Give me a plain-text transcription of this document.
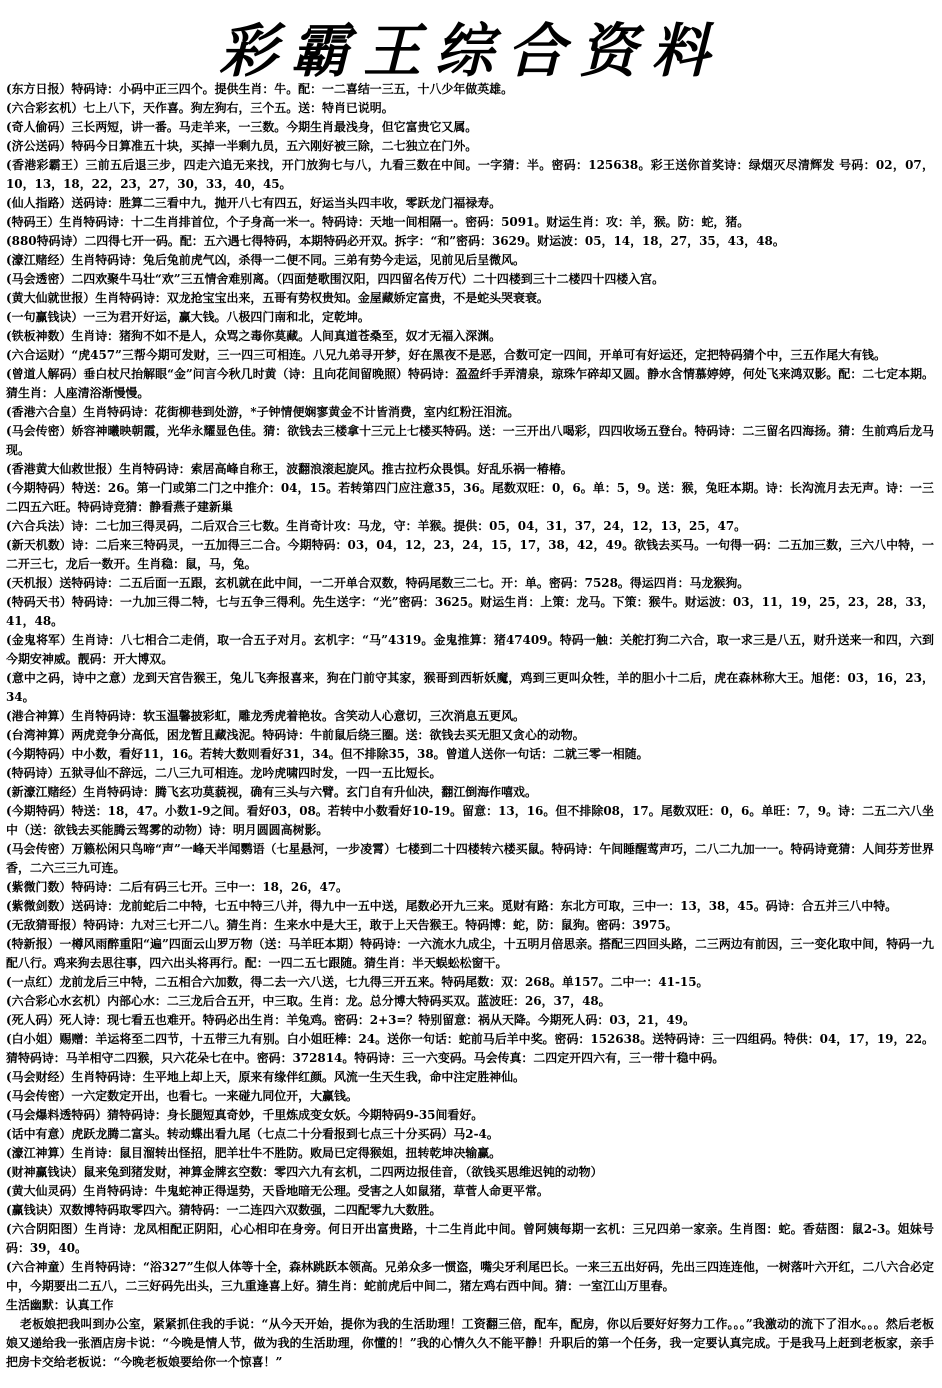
彩霸王综合资料

(东方日报）特码诗：小码中正三四个。提供生肖：牛。配：一二喜结一三五，十八少年做英雄。

(六合彩玄机）七上八下，天作喜。狗左狗右，三个五。送：特肖已说明。

(奇人偷码）三长两短，讲一番。马走羊来，一三数。今期生肖最浅身，但它富贵它又属。

(济公送码）特码今日算准五十块，买掉一半剩九员，五六刚好被三除，二七独立在门外。

(香港彩霸王）三前五后退三步，四走六追无来找，开门放狗七与八，九看三数在中间。一字猜：半。密码：125638。彩王送你首奖诗：绿烟灭尽清辉发 号码：02，07，10，13，18，22，23，27，30，33，40，45。

(仙人指路）送码诗：胜算二三看中九，抛开八七有四五，好运当头四丰收，零跃龙门福禄寿。

(特码王）生肖特码诗：十二生肖排首位，个子身高一米一。特码诗：天地一间相隔一。密码：5091。财运生肖：攻：羊，猴。防：蛇，猪。

(880特码诗）二四得七开一码。配：五六遇七得特码，本期特码必开双。拆字：“和”密码：3629。财运波：05，14，18，27，35，43，48。

(濠江赌经）生肖特码诗：兔后兔前虎气凶，杀得一二便不同。三弟有势今走运，见前见后呈微风。

(马会透密）二四欢聚牛马壮“欢”三五情舍难别离。（四面楚歌围汉阳，四四留名传万代）二十四楼到三十二楼四十四楼入宫。

(黄大仙就世报）生肖特码诗：双龙抢宝宝出来，五哥有势权贵知。金屋藏娇定富贵，不是蛇头哭衰衰。

(一句赢钱诀）一三为君开好运，赢大钱。八极四门南和北，定乾坤。

(铁板神数）生肖诗：猪狗不如不是人，众骂之毒你莫藏。人间真道苍桑至，奴才无福入深渊。

(六合运财）“虎457”三帮今期可发财，三一四三可相连。八兄九弟寻开梦，好在黑夜不是恶，合数可定一四间，开单可有好运还，定把特码猜个中，三五作尾大有钱。

(曾道人解码）垂白杖尺抬解眼“金”问言今秋几时黄（诗：且向花间留晚照）特码诗：盈盈纤手弄清泉，琼珠乍碎却又圆。静水含情慕婷婷，何处飞来鸿双影。配：二七定本期。猜生肖：人座清浴渐慢慢。

(香港六合皇）生肖特码诗：花街柳巷到处游，*子钟情便娴寥黄金不计皆消费，室内红粉汪泪流。

(马会传密）娇容神曦映朝霞，光华永耀显色佳。猜：欲钱去三楼拿十三元上七楼买特码。送：一三开出八喝彩，四四收场五登台。特码诗：二三留名四海扬。猜：生前鸡后龙马现。

(香港黄大仙救世报）生肖特码诗：索居高峰自称王，波翻浪滚起旋风。推古拉朽众畏惧。好乱乐祸一椿椿。

(今期特码）特送：26。第一门或第二门之中推介：04，15。若转第四门应注意35，36。尾数双旺：0，6。单：5，9。送：猴，兔旺本期。诗：长沟流月去无声。诗：一三二四五六旺。特码诗竞猜：静看燕子建新巢

(六合兵法）诗：二七加三得灵码，二后双合三七数。生肖奇计攻：马龙，守：羊猴。提供：05，04，31，37，24，12，13，25，47。

(新天机数）诗：二后来三特码灵，一五加得三二合。今期特码：03，04，12，23，24，15，17，38，42，49。欲钱去买马。一句得一码：二五加三数，三六八中特，一二开三七，龙后一数开。生肖稳：鼠，马，兔。

(天机报）送特码诗：二五后面一五跟，玄机就在此中间，一二开单合双数，特码尾数三二七。开：单。密码：7528。得运四肖：马龙猴狗。

(特码天书）特码诗：一九加三得二特，七与五争三得利。先生送字：“光”密码：3625。财运生肖：上策：龙马。下策：猴牛。财运波：03，11，19，25，23，28，33，41，48。

(金鬼将军）生肖诗：八七相合二走俏，取一合五子对月。玄机字：“马”4319。金鬼推算：猪47409。特码一触：关舵打狗二六合，取一求三是八五，财升送来一和四，六到今期安神威。靓码：开大博双。

(意中之码，诗中之意）龙到天宫告猴王，兔儿飞奔报喜来，狗在门前守其家，猴哥到西斩妖魔，鸡到三更叫众牲，羊的胆小十二后，虎在森林称大王。旭佬：03，16，23，34。

(港合神算）生肖特码诗：软玉温馨披彩虹，雕龙秀虎着艳妆。含笑动人心意切，三次消息五更风。

(台湾神算）两虎竞争分高低，困龙暂且藏浅泥。特码诗：牛前鼠后绕三圈。送：欲钱去买无胆又贪心的动物。

(今期特码）中小数，看好11，16。若转大数则看好31，34。但不排除35，38。曾道人送你一句话：二就三零一相随。

(特码诗）五狱寻仙不辞远，二八三九可相连。龙吟虎啸四时发，一四一五比短长。

(新濠江赌经）生肖特码诗：腾飞玄功莫藐视，确有三头与六臂。玄门自有升仙决，翻江倒海作嘻戏。

(今期特码）特送：18，47。小数1-9之间。看好03，08。若转中小数看好10-19。留意：13，16。但不排除08，17。尾数双旺：0，6。单旺：7，9。诗：二五二六八坐中（送：欲钱去买能腾云驾雾的动物）诗：明月圆圆高树影。

(马会传密）万籁松闲只鸟啼“声”一峰天半闻鹦语（七星悬河，一步凌霄）七楼到二十四楼转六楼买鼠。特码诗：午间睡醒莺声巧，二八二九加一一。特码诗竟猜：人间芬芳世界香，二六三三九可连。

(紫微门数）特码诗：二后有码三七开。三中一：18，26，47。

(紫微剑数）送码诗：龙前蛇后二中特，七五中特三八并，得九中一五中送，尾数必开九三来。觅财有路：东北方可取，三中一：13，38，45。码诗：合五并三八中特。

(无敌猜哥报）特码诗：九对三七开二八。猜生肖：生来水中是大王，敢于上天告猴王。特码博：蛇，防：鼠狗。密码：3975。

(特新报）一樽风雨醉重阳“遍”四面云山罗万物（送：马羊旺本期）特码诗：一六流水九成尘，十五明月倍思亲。搭配三四回头路，二三两边有前因，三一变化取中间，特码一九配八行。鸡来狗去思往事，四六出头将再行。配：一四二五七跟随。猜生肖：半天蜈蚣松窗干。

(一点红）龙前龙后三中特，二五相合六加数，得二去一六八送，七九得三开五来。特码尾数：双：268。单157。二中一：41-15。

(六合彩心水玄机）内部心水：二三龙后合五开，中三取。生肖：龙。总分博大特码买双。蓝波旺：26，37，48。

(死人码）死人诗：现七看五也难开。特码必出生肖：羊兔鸡。密码：2+3=？特别留意：祸从天降。今期死人码：03，21，49。

(白小姐）赐赠：羊运将至二四节，十五带三九有别。白小姐旺棒：24。送你一句话：蛇前马后羊中奖。密码：152638。送特码诗：三一四组码。特供：04，17，19，22。猜特码诗：马羊相守二四猴，只六花朵七在中。密码：372814。特码诗：三一六变码。马会传真：二四定开四六有，三一带十稳中码。

(马会财经）生肖特码诗：生平地上却上天，原来有缘伴红颜。风流一生天生我，命中注定胜神仙。

(马会传密）一六定数定开出，也看七。一来碰九同位开，大赢钱。

(马会爆料透特码）猜特码诗：身长腿短真奇妙，千里炼成变女妖。今期特码9-35间看好。

(话中有意）虎跃龙腾二富头。转动蝶出看九尾（七点二十分看报到七点三十分买码）马2-4。

(濠江神算）生肖诗：鼠目溜转出怪招，肥羊壮牛不胜防。败局已定得猴姐，扭转乾坤决输赢。

(财神赢钱诀）鼠来兔到猪发财，神算金牌玄空数：零四六九有玄机，二四两边报佳音，（欲钱买思维迟钝的动物）

(黄大仙灵码）生肖特码诗：牛鬼蛇神正得逞势，天昏地暗无公理。受害之人如鼠猪，草菅人命更平常。

(赢钱诀）双数博特码取零四六。猜特码：一二连四六双数强，二四配零九大数胜。

(六合阴阳图）生肖诗：龙凤相配正阴阳，心心相印在身旁。何日开出富贵路，十二生肖此中间。曾阿姨每期一玄机：三兄四弟一家亲。生肖图：蛇。香菇图：鼠2-3。姐妹号码：39，40。

(六合神童）生肖特码诗：“浴327”生似人体等十全，森林跳跃本领高。兄弟众多一惯盗，嘴尖牙利尾巴长。一来三五出好码，先出三四连连他，一树落叶六开红，二八六合必定中，今期要出二五八，二三好码先出头，三九重逢喜上好。猜生肖：蛇前虎后中间二，猪左鸡右西中间。猜：一室江山万里春。

生活幽默：认真工作

老板娘把我叫到办公室，紧紧抓住我的手说：“从今天开始，提你为我的生活助理！工资翻三倍，配车，配房，你以后要好好努力工作。。。”我激动的流下了泪水。。。然后老板娘又递给我一张酒店房卡说：“今晚是情人节，做为我的生活助理，你懂的！”我的心情久久不能平静！升职后的第一个任务，我一定要认真完成。于是我马上赶到老板家，亲手把房卡交给老板说：“今晚老板娘要给你一个惊喜！”
